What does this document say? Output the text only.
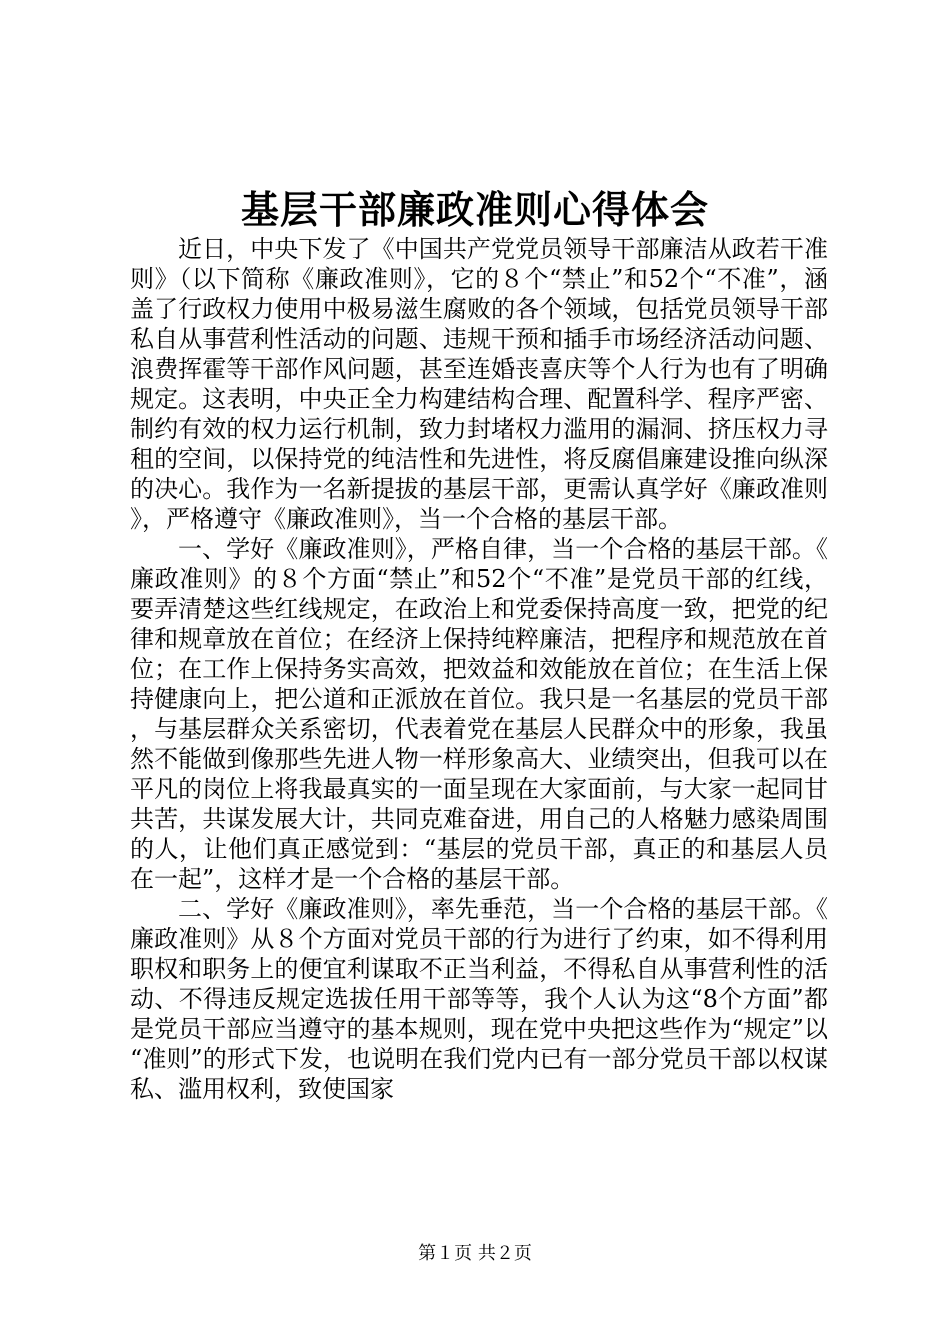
基层干部廉政准则心得体会

近日，中央下发了《中国共产党党员领导干部廉洁从政若干准则》（以下简称《廉政准则》，它的８个“禁止”和52个“不准”，涵盖了行政权力使用中极易滋生腐败的各个领域，包括党员领导干部私自从事营利性活动的问题、违规干预和插手市场经济活动问题、浪费挥霍等干部作风问题，甚至连婚丧喜庆等个人行为也有了明确规定。这表明，中央正全力构建结构合理、配置科学、程序严密、制约有效的权力运行机制，致力封堵权力滥用的漏洞、挤压权力寻租的空间，以保持党的纯洁性和先进性，将反腐倡廉建设推向纵深的决心。我作为一名新提拔的基层干部，更需认真学好《廉政准则》，严格遵守《廉政准则》，当一个合格的基层干部。

一、学好《廉政准则》，严格自律，当一个合格的基层干部。《廉政准则》的８个方面“禁止”和52个“不准”是党员干部的红线，要弄清楚这些红线规定，在政治上和党委保持高度一致，把党的纪律和规章放在首位；在经济上保持纯粹廉洁，把程序和规范放在首位；在工作上保持务实高效，把效益和效能放在首位；在生活上保持健康向上，把公道和正派放在首位。我只是一名基层的党员干部，与基层群众关系密切，代表着党在基层人民群众中的形象，我虽然不能做到像那些先进人物一样形象高大、业绩突出，但我可以在平凡的岗位上将我最真实的一面呈现在大家面前，与大家一起同甘共苦，共谋发展大计，共同克难奋进，用自己的人格魅力感染周围的人，让他们真正感觉到：“基层的党员干部，真正的和基层人员在一起”，这样才是一个合格的基层干部。

二、学好《廉政准则》，率先垂范，当一个合格的基层干部。《廉政准则》从８个方面对党员干部的行为进行了约束，如不得利用职权和职务上的便宜利谋取不正当利益，不得私自从事营利性的活动、不得违反规定选拔任用干部等等，我个人认为这“8个方面”都是党员干部应当遵守的基本规则，现在党中央把这些作为“规定”以“准则”的形式下发，也说明在我们党内已有一部分党员干部以权谋私、滥用权利，致使国家

第１页 共２页
